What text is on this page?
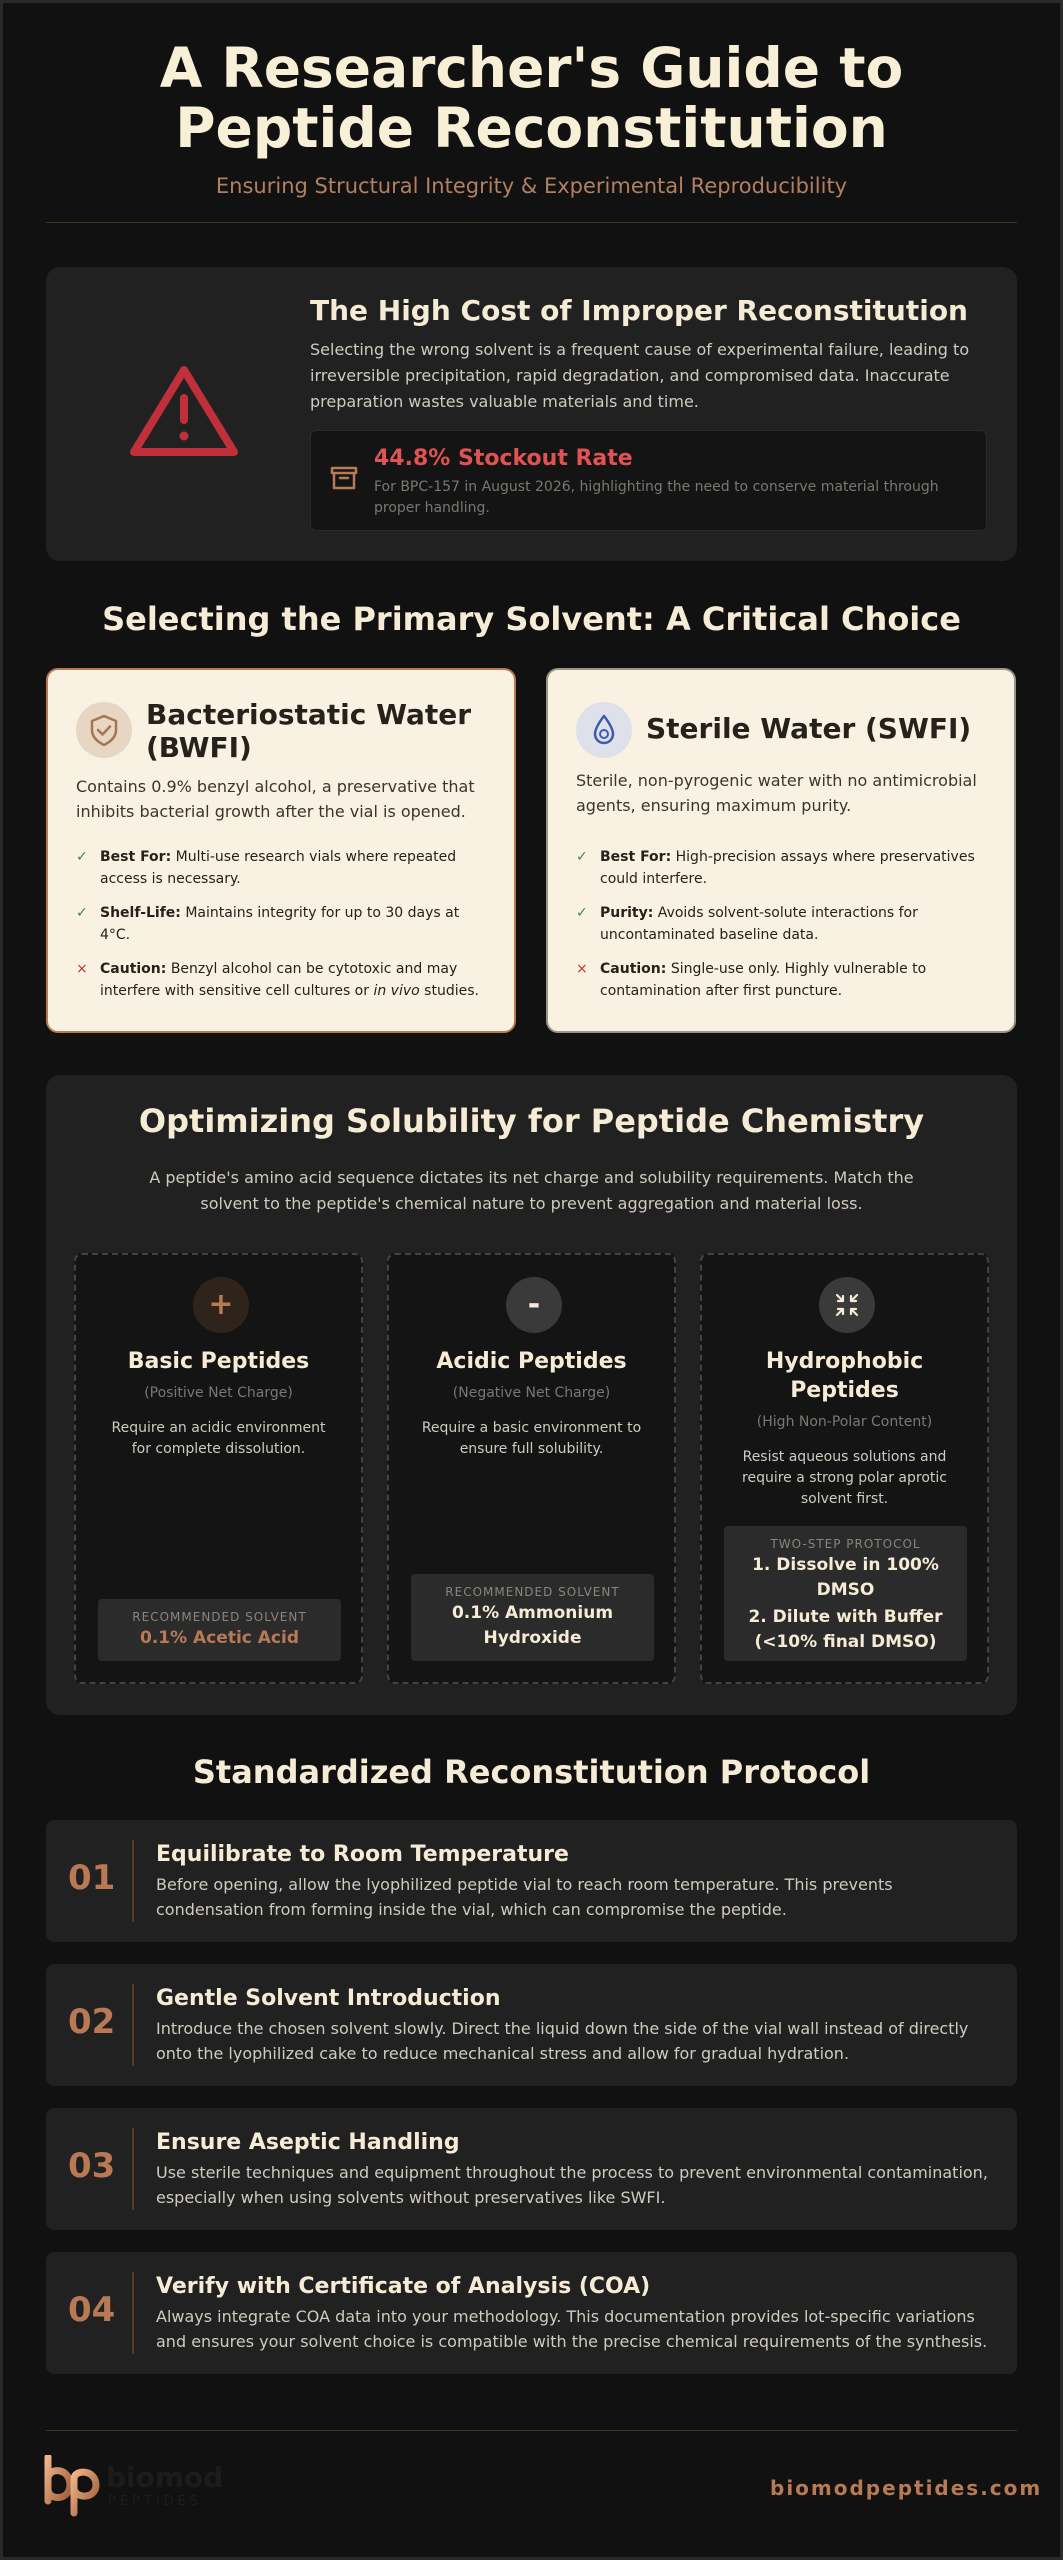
A Researcher's Guide to Peptide Reconstitution
Ensuring Structural Integrity & Experimental Reproducibility
The High Cost of Improper Reconstitution
Selecting the wrong solvent is a frequent cause of experimental failure, leading to irreversible precipitation, rapid degradation, and compromised data. Inaccurate preparation wastes valuable materials and time.
44.8% Stockout Rate
For BPC-157 in August 2026, highlighting the need to conserve material through proper handling.
Selecting the Primary Solvent: A Critical Choice
Bacteriostatic Water (BWFI)
Contains 0.9% benzyl alcohol, a preservative that inhibits bacterial growth after the vial is opened.
✓ Best For: Multi-use research vials where repeated access is necessary.
✓ Shelf-Life: Maintains integrity for up to 30 days at 4°C.
× Caution: Benzyl alcohol can be cytotoxic and may interfere with sensitive cell cultures or in vivo studies.
Sterile Water (SWFI)
Sterile, non-pyrogenic water with no antimicrobial agents, ensuring maximum purity.
✓ Best For: High-precision assays where preservatives could interfere.
✓ Purity: Avoids solvent-solute interactions for uncontaminated baseline data.
× Caution: Single-use only. Highly vulnerable to contamination after first puncture.
Optimizing Solubility for Peptide Chemistry
A peptide's amino acid sequence dictates its net charge and solubility requirements. Match the solvent to the peptide's chemical nature to prevent aggregation and material loss.
+
Basic Peptides
(Positive Net Charge)
Require an acidic environment for complete dissolution.
RECOMMENDED SOLVENT
0.1% Acetic Acid
-
Acidic Peptides
(Negative Net Charge)
Require a basic environment to ensure full solubility.
RECOMMENDED SOLVENT
0.1% Ammonium Hydroxide
Hydrophobic Peptides
(High Non-Polar Content)
Resist aqueous solutions and require a strong polar aprotic solvent first.
TWO-STEP PROTOCOL
1. Dissolve in 100% DMSO
2. Dilute with Buffer (<10% final DMSO)
Standardized Reconstitution Protocol
01
Equilibrate to Room Temperature
Before opening, allow the lyophilized peptide vial to reach room temperature. This prevents condensation from forming inside the vial, which can compromise the peptide.
02
Gentle Solvent Introduction
Introduce the chosen solvent slowly. Direct the liquid down the side of the vial wall instead of directly onto the lyophilized cake to reduce mechanical stress and allow for gradual hydration.
03
Ensure Aseptic Handling
Use sterile techniques and equipment throughout the process to prevent environmental contamination, especially when using solvents without preservatives like SWFI.
04
Verify with Certificate of Analysis (COA)
Always integrate COA data into your methodology. This documentation provides lot-specific variations and ensures your solvent choice is compatible with the precise chemical requirements of the synthesis.
biomod
PEPTIDES
biomodpeptides.com
